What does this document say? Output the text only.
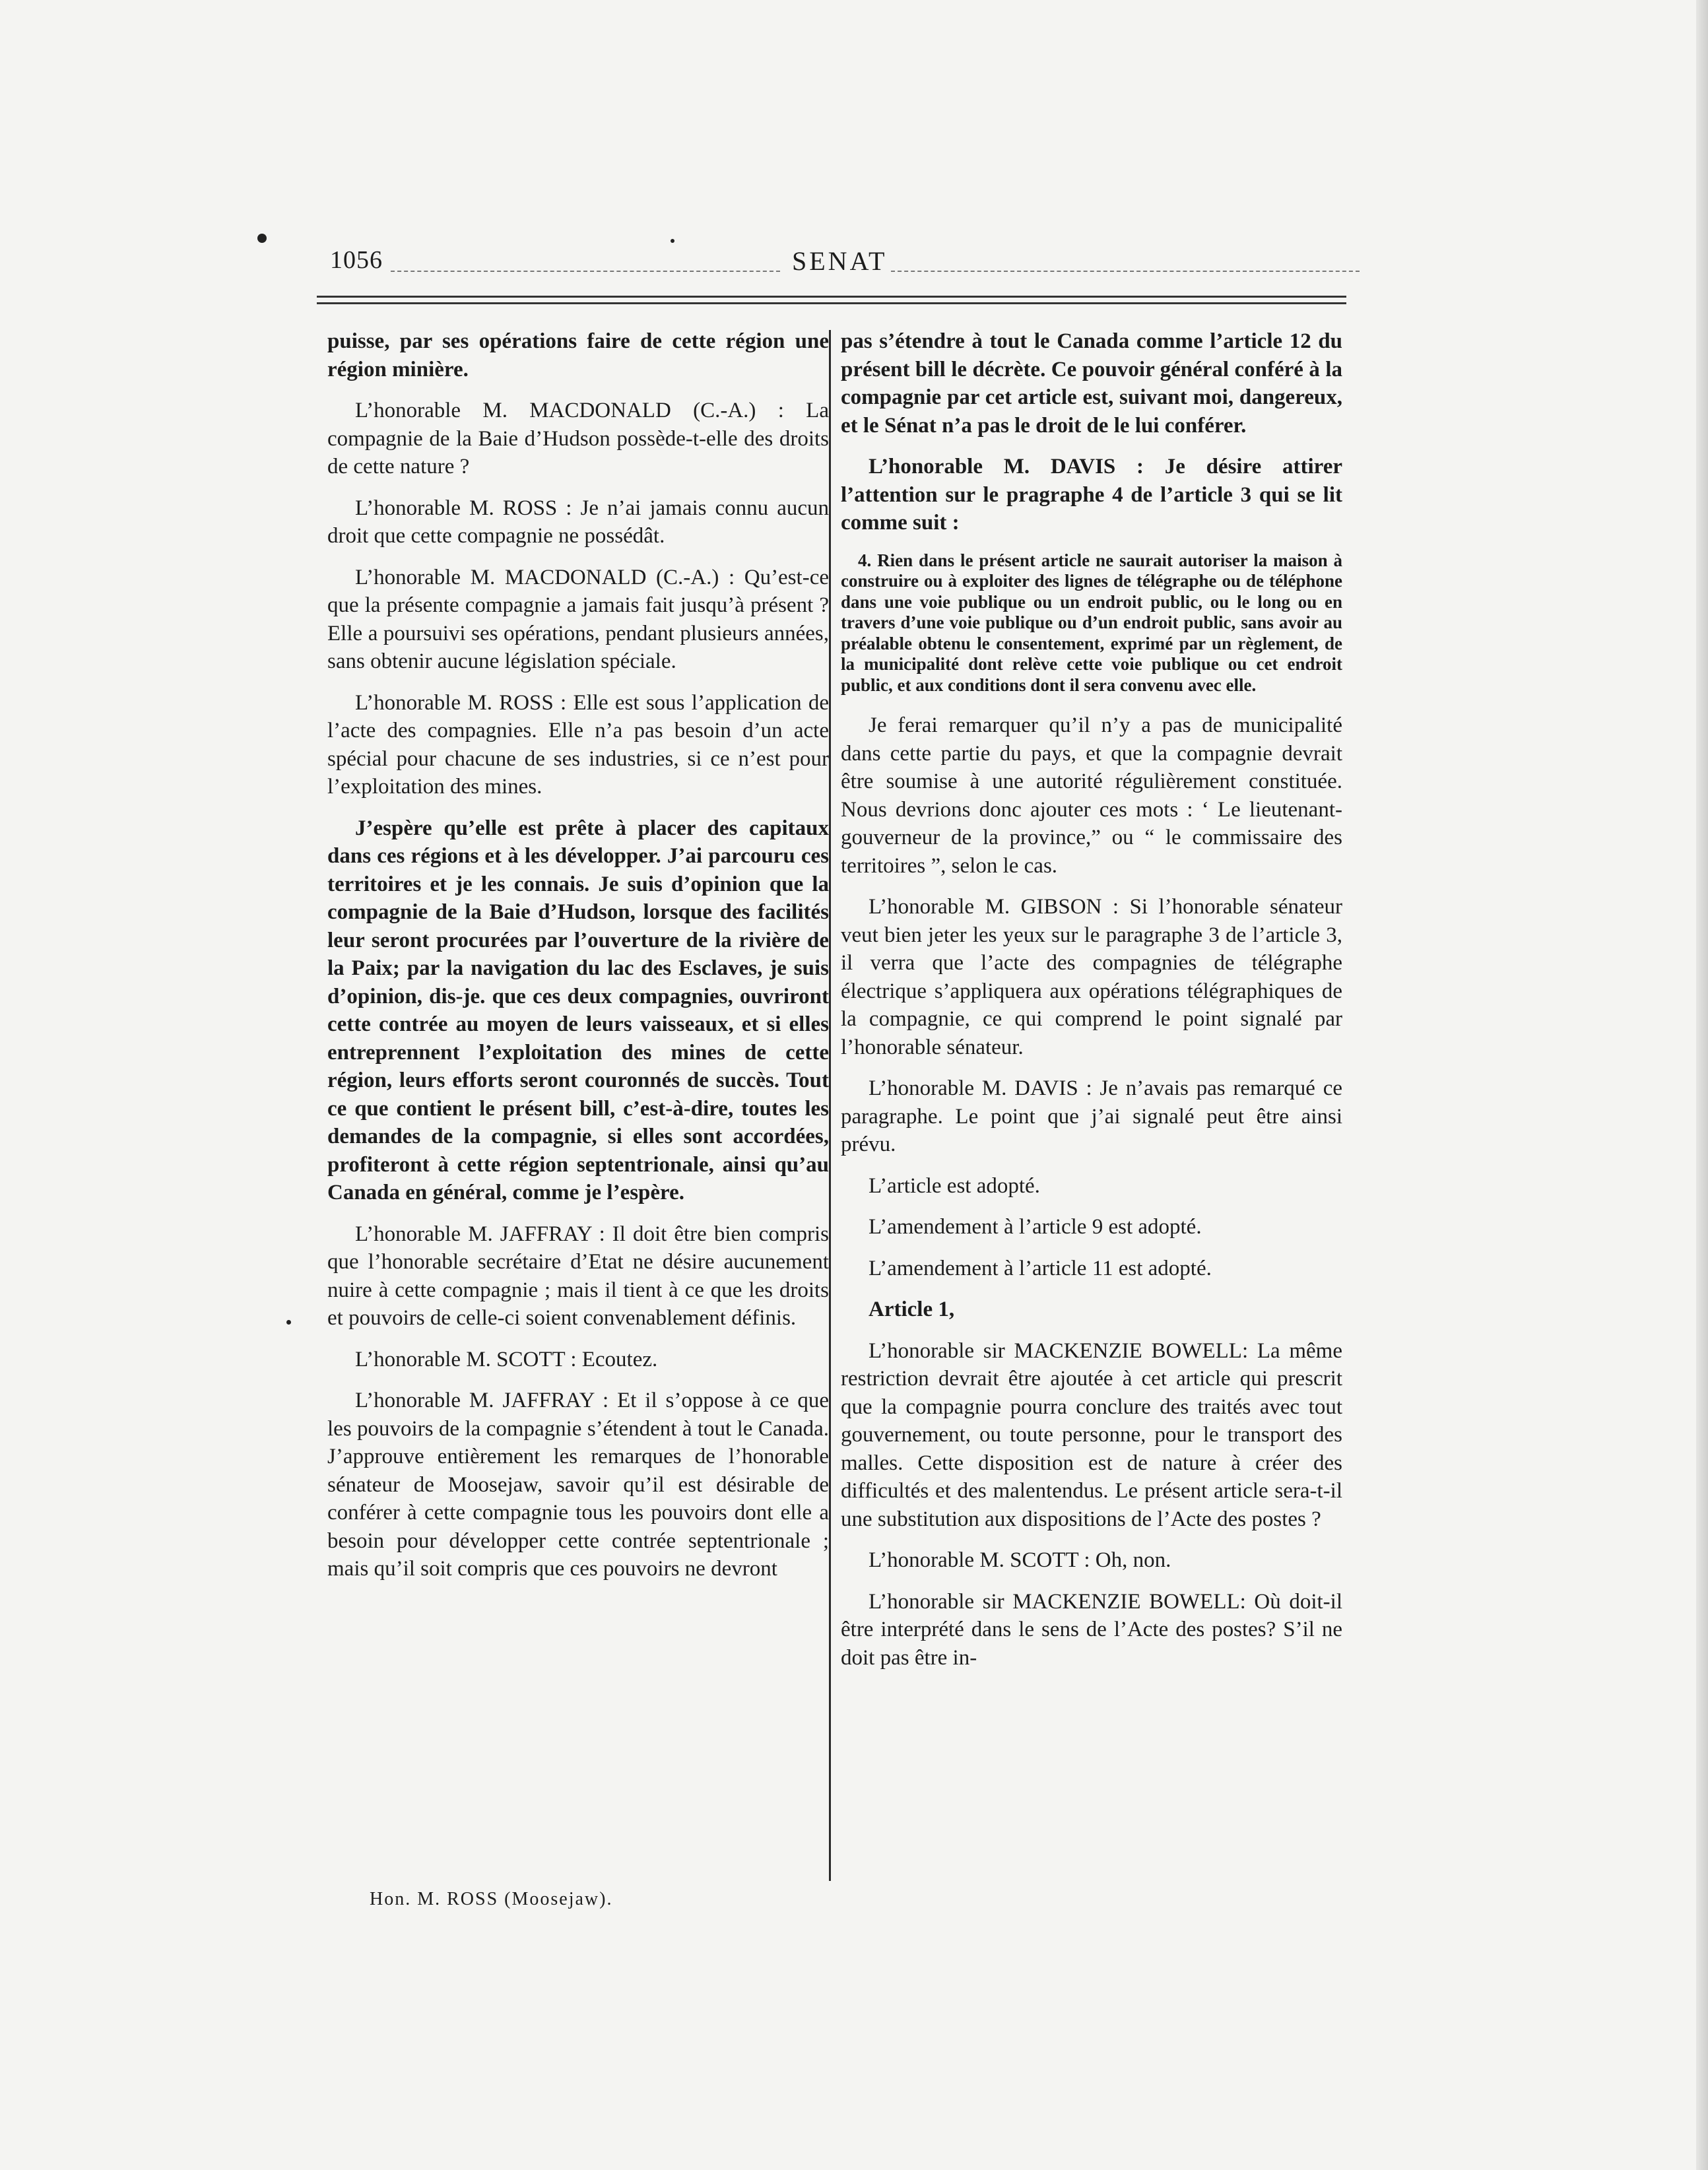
1056	SENAT

puisse, par ses opérations faire de cette région une région minière.

L’honorable M. MACDONALD (C.-A.) : La compagnie de la Baie d’Hudson possède-t-elle des droits de cette nature ?

L’honorable M. ROSS : Je n’ai jamais connu aucun droit que cette compagnie ne possédât.

L’honorable M. MACDONALD (C.-A.) : Qu’est-ce que la présente compagnie a jamais fait jusqu’à présent ? Elle a poursuivi ses opérations, pendant plusieurs années, sans obtenir aucune législation spéciale.

L’honorable M. ROSS : Elle est sous l’application de l’acte des compagnies. Elle n’a pas besoin d’un acte spécial pour chacune de ses industries, si ce n’est pour l’exploitation des mines.

J’espère qu’elle est prête à placer des capitaux dans ces régions et à les développer. J’ai parcouru ces territoires et je les connais. Je suis d’opinion que la compagnie de la Baie d’Hudson, lorsque des facilités leur seront procurées par l’ouverture de la rivière de la Paix; par la navigation du lac des Esclaves, je suis d’opinion, dis-je. que ces deux compagnies, ouvriront cette contrée au moyen de leurs vaisseaux, et si elles entreprennent l’exploitation des mines de cette région, leurs efforts seront couronnés de succès. Tout ce que contient le présent bill, c’est-à-dire, toutes les demandes de la compagnie, si elles sont accordées, profiteront à cette région septentrionale, ainsi qu’au Canada en général, comme je l’espère.

L’honorable M. JAFFRAY : Il doit être bien compris que l’honorable secrétaire d’Etat ne désire aucunement nuire à cette compagnie ; mais il tient à ce que les droits et pouvoirs de celle-ci soient convenablement définis.

L’honorable M. SCOTT : Ecoutez.

L’honorable M. JAFFRAY : Et il s’oppose à ce que les pouvoirs de la compagnie s’étendent à tout le Canada. J’approuve entièrement les remarques de l’honorable sénateur de Moosejaw, savoir qu’il est désirable de conférer à cette compagnie tous les pouvoirs dont elle a besoin pour développer cette contrée septentrionale ; mais qu’il soit compris que ces pouvoirs ne devront

pas s’étendre à tout le Canada comme l’article 12 du présent bill le décrète. Ce pouvoir général conféré à la compagnie par cet article est, suivant moi, dangereux, et le Sénat n’a pas le droit de le lui conférer.

L’honorable M. DAVIS : Je désire attirer l’attention sur le pragraphe 4 de l’article 3 qui se lit comme suit :

4. Rien dans le présent article ne saurait autoriser la maison à construire ou à exploiter des lignes de télégraphe ou de téléphone dans une voie publique ou un endroit public, ou le long ou en travers d’une voie publique ou d’un endroit public, sans avoir au préalable obtenu le consentement, exprimé par un règlement, de la municipalité dont relève cette voie publique ou cet endroit public, et aux conditions dont il sera convenu avec elle.

Je ferai remarquer qu’il n’y a pas de municipalité dans cette partie du pays, et que la compagnie devrait être soumise à une autorité régulièrement constituée. Nous devrions donc ajouter ces mots : ‘ Le lieutenant- gouverneur de la province,” ou “ le commissaire des territoires ”, selon le cas.

L’honorable M. GIBSON : Si l’honorable sénateur veut bien jeter les yeux sur le paragraphe 3 de l’article 3, il verra que l’acte des compagnies de télégraphe électrique s’appliquera aux opérations télégraphiques de la compagnie, ce qui comprend le point signalé par l’honorable sénateur.

L’honorable M. DAVIS : Je n’avais pas remarqué ce paragraphe. Le point que j’ai signalé peut être ainsi prévu.

L’article est adopté.

L’amendement à l’article 9 est adopté.

L’amendement à l’article 11 est adopté.

Article 1,

L’honorable sir MACKENZIE BOWELL: La même restriction devrait être ajoutée à cet article qui prescrit que la compagnie pourra conclure des traités avec tout gouvernement, ou toute personne, pour le transport des malles. Cette disposition est de nature à créer des difficultés et des malentendus. Le présent article sera-t-il une substitution aux dispositions de l’Acte des postes ?

L’honorable M. SCOTT : Oh, non.

L’honorable sir MACKENZIE BOWELL: Où doit-il être interprété dans le sens de l’Acte des postes? S’il ne doit pas être in-

Hon. M. ROSS (Moosejaw).
